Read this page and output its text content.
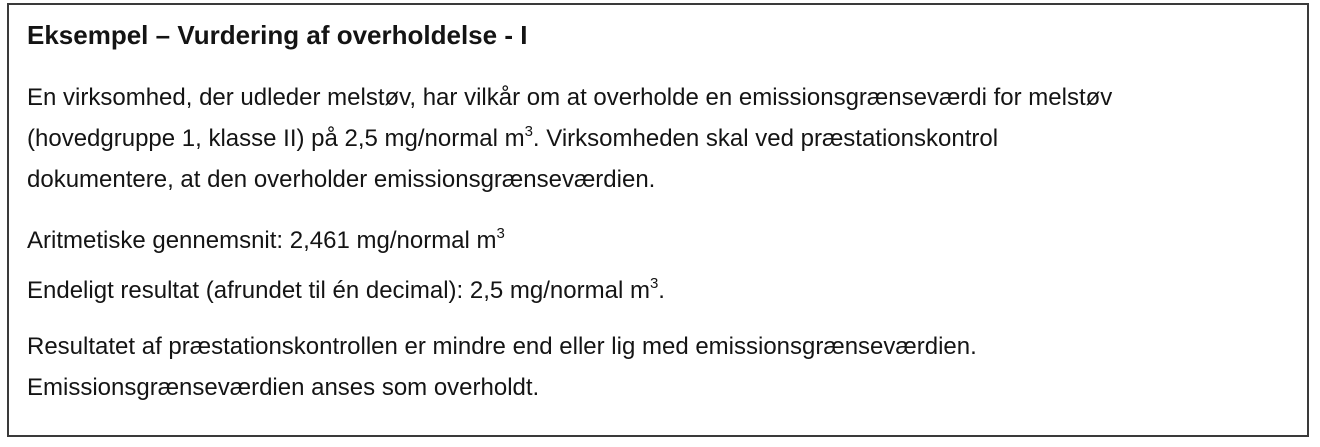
Eksempel – Vurdering af overholdelse - I
En virksomhed, der udleder melstøv, har vilkår om at overholde en emissionsgrænseværdi for melstøv
(hovedgruppe 1, klasse II) på 2,5 mg/normal $m^3$. Virksomheden skal ved præstationskontrol
dokumentere, at den overholder emissionsgrænseværdien.
Aritmetiske gennemsnit: 2,461 mg/normal $m^3$
Endeligt resultat (afrundet til én decimal): 2,5 mg/normal $m^3$.
Resultatet af præstationskontrollen er mindre end eller lig med emissionsgrænseværdien.
Emissionsgrænseværdien anses som overholdt.
